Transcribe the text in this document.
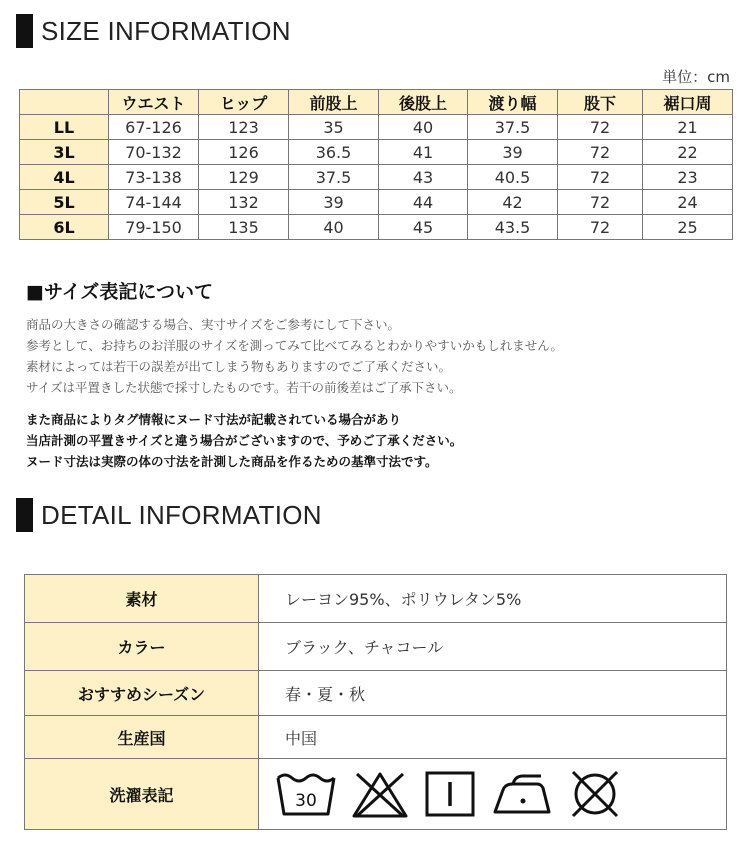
SIZE INFORMATION
単位：cm
	ウエスト	ヒップ	前股上	後股上	渡り幅	股下	裾口周
LL	67-126	123	35	40	37.5	72	21
3L	70-132	126	36.5	41	39	72	22
4L	73-138	129	37.5	43	40.5	72	23
5L	74-144	132	39	44	42	72	24
6L	79-150	135	40	45	43.5	72	25
■サイズ表記について
商品の大きさの確認する場合、実寸サイズをご参考にして下さい。
参考として、お持ちのお洋服のサイズを測ってみて比べてみるとわかりやすいかもしれません。
素材によっては若干の誤差が出てしまう物もありますのでご了承ください。
サイズは平置きした状態で採寸したものです。若干の前後差はご了承下さい。
また商品によりタグ情報にヌード寸法が記載されている場合があり
当店計測の平置きサイズと違う場合がございますので、予めご了承ください。
ヌード寸法は実際の体の寸法を計測した商品を作るための基準寸法です。
DETAIL INFORMATION
素材	レーヨン95%、ポリウレタン5%
カラー	ブラック、チャコール
おすすめシーズン	春・夏・秋
生産国	中国
洗濯表記	30
